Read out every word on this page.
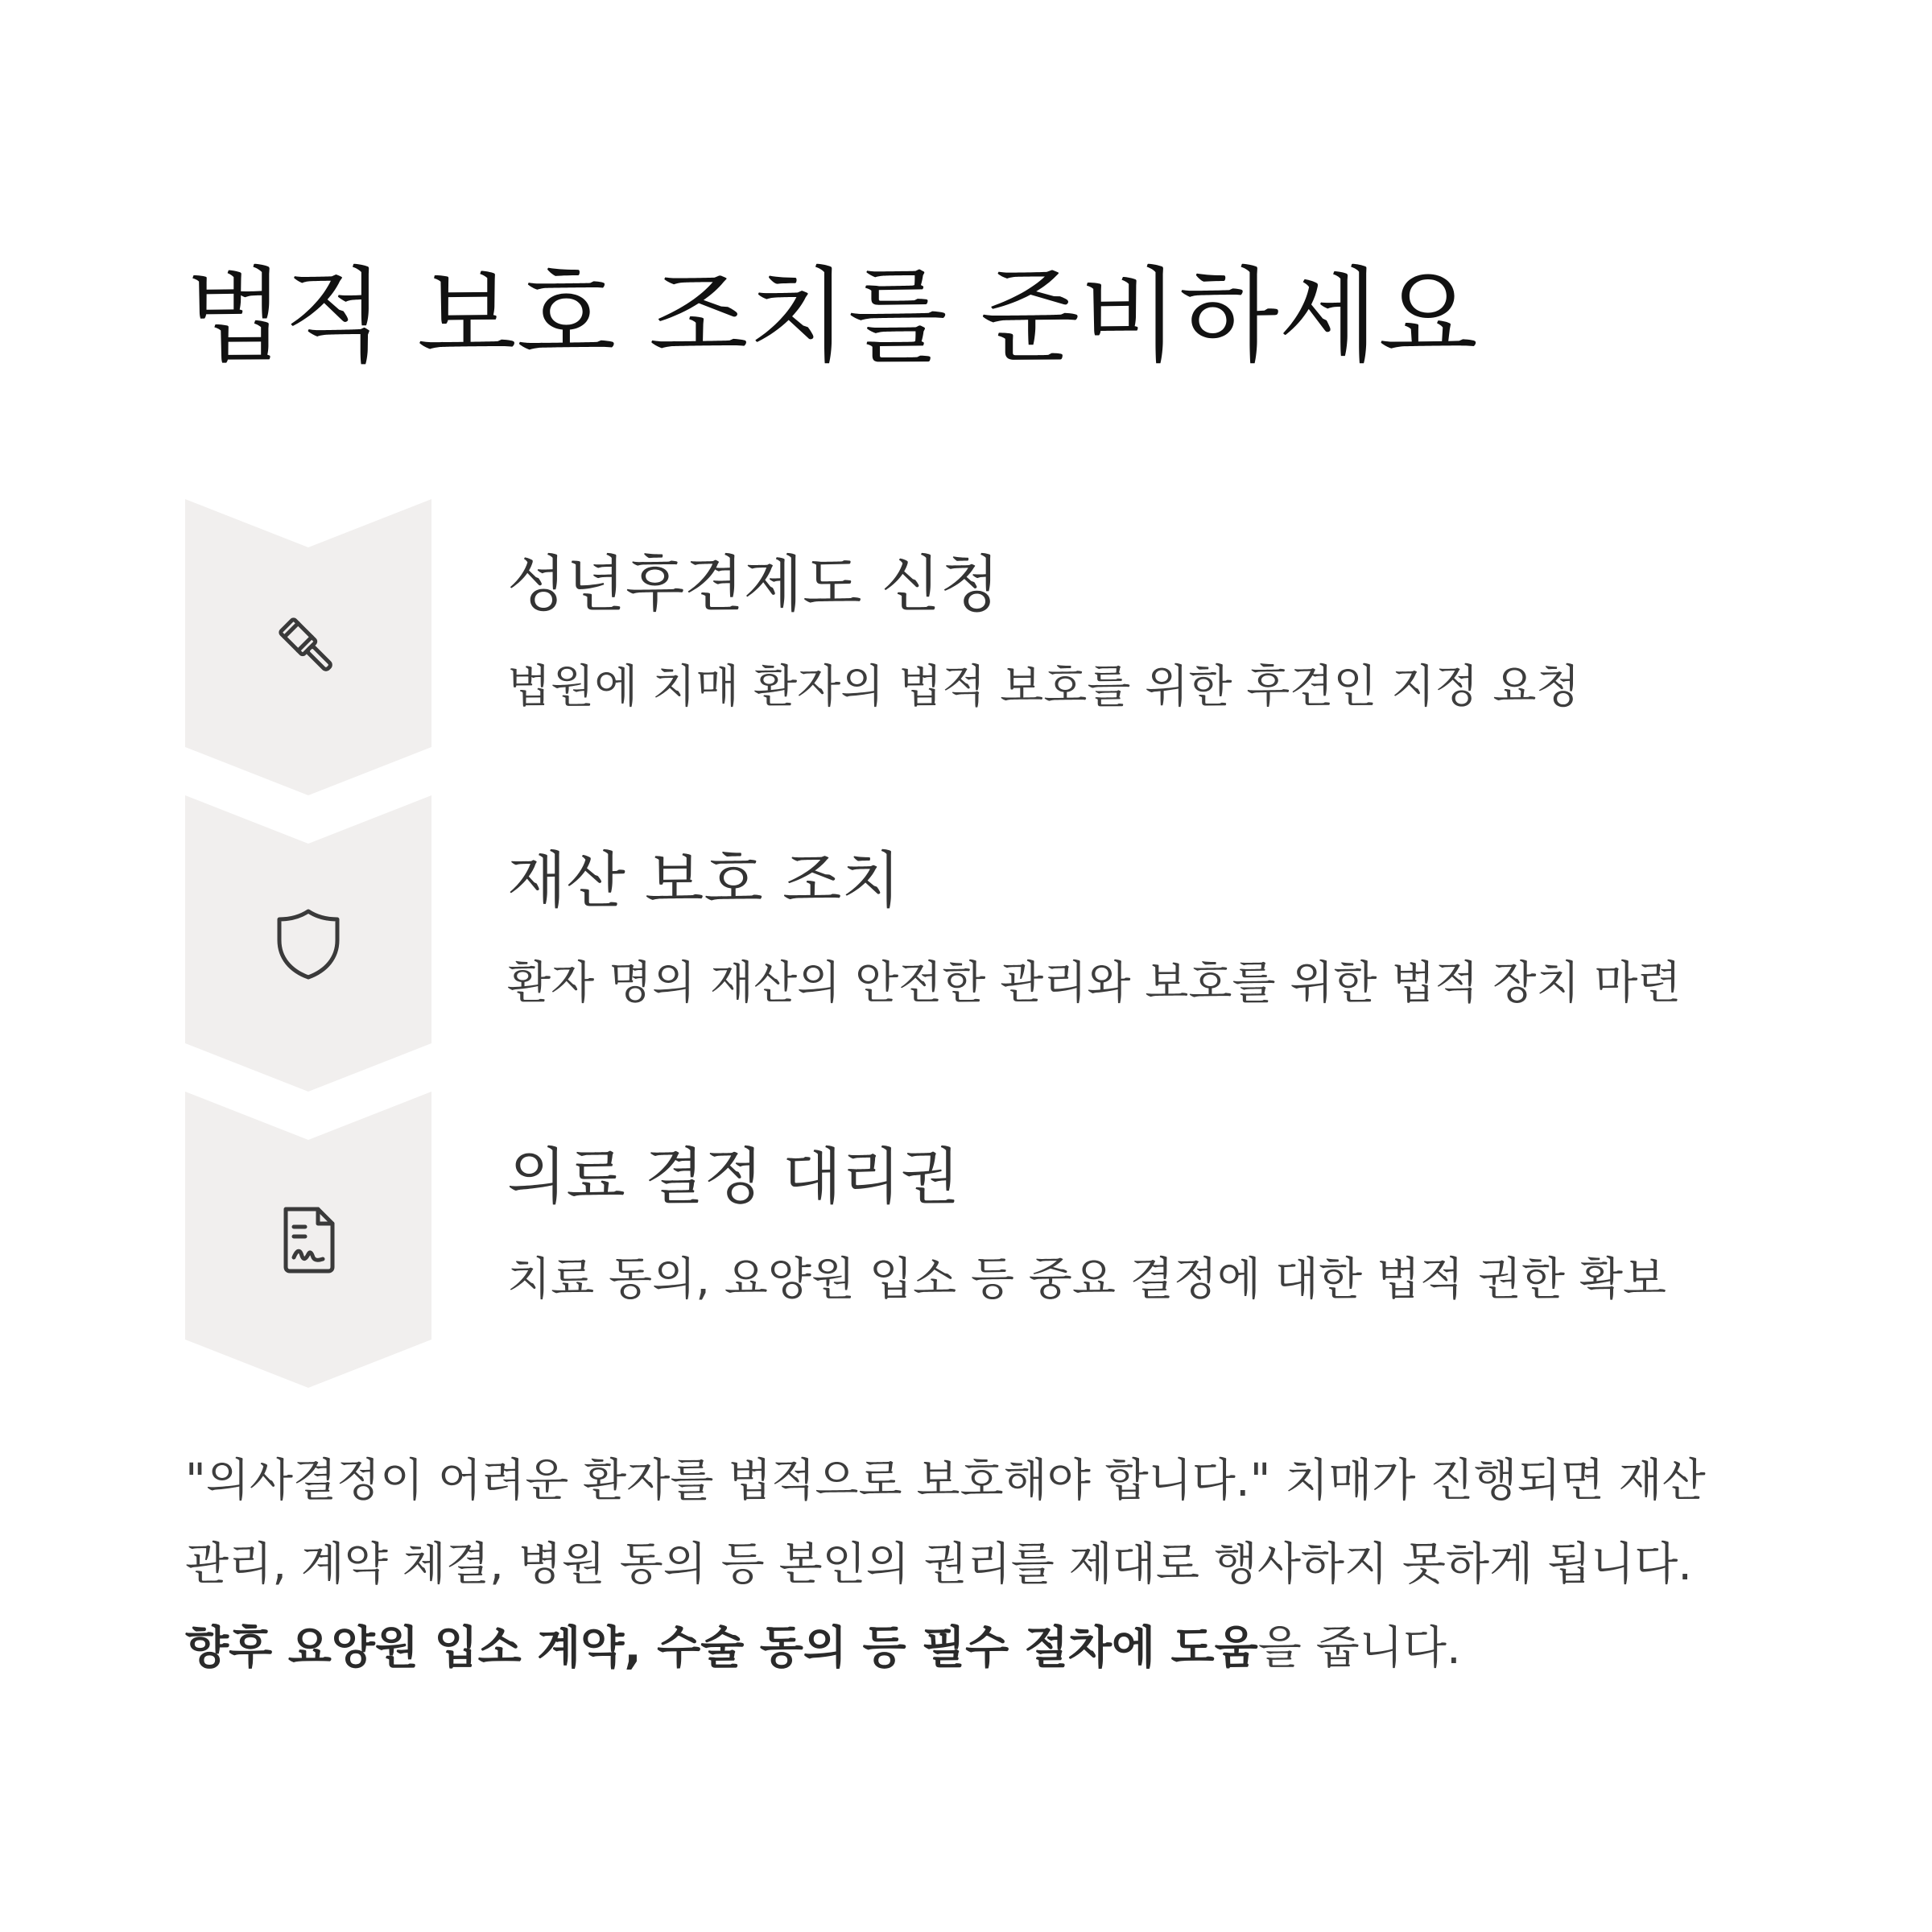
법적 보호 조치를 준비하세요
성년후견제도 신청
법원에 치매 환자의 법적 보호를 위한 후견인 지정 요청
재산 보호 조치
환자 명의 재산의 안전한 관리와 보호를 위한 법적 장치 마련
의료 결정 대리권
치료 동의, 요양원 입소 등 중요 결정에 대한 법적 권한 확보
"의사결정이 어려운 환자를 법적으로 보호해야 합니다." 치매가 진행되면 재산
관리, 계약 체결, 병원 동의 등 본인의 권리를 제대로 행사하지 못하게 됩니다.
향후 요양원 입소 계약, 수술 동의 등 필수 절차에 도움을 줍니다.
